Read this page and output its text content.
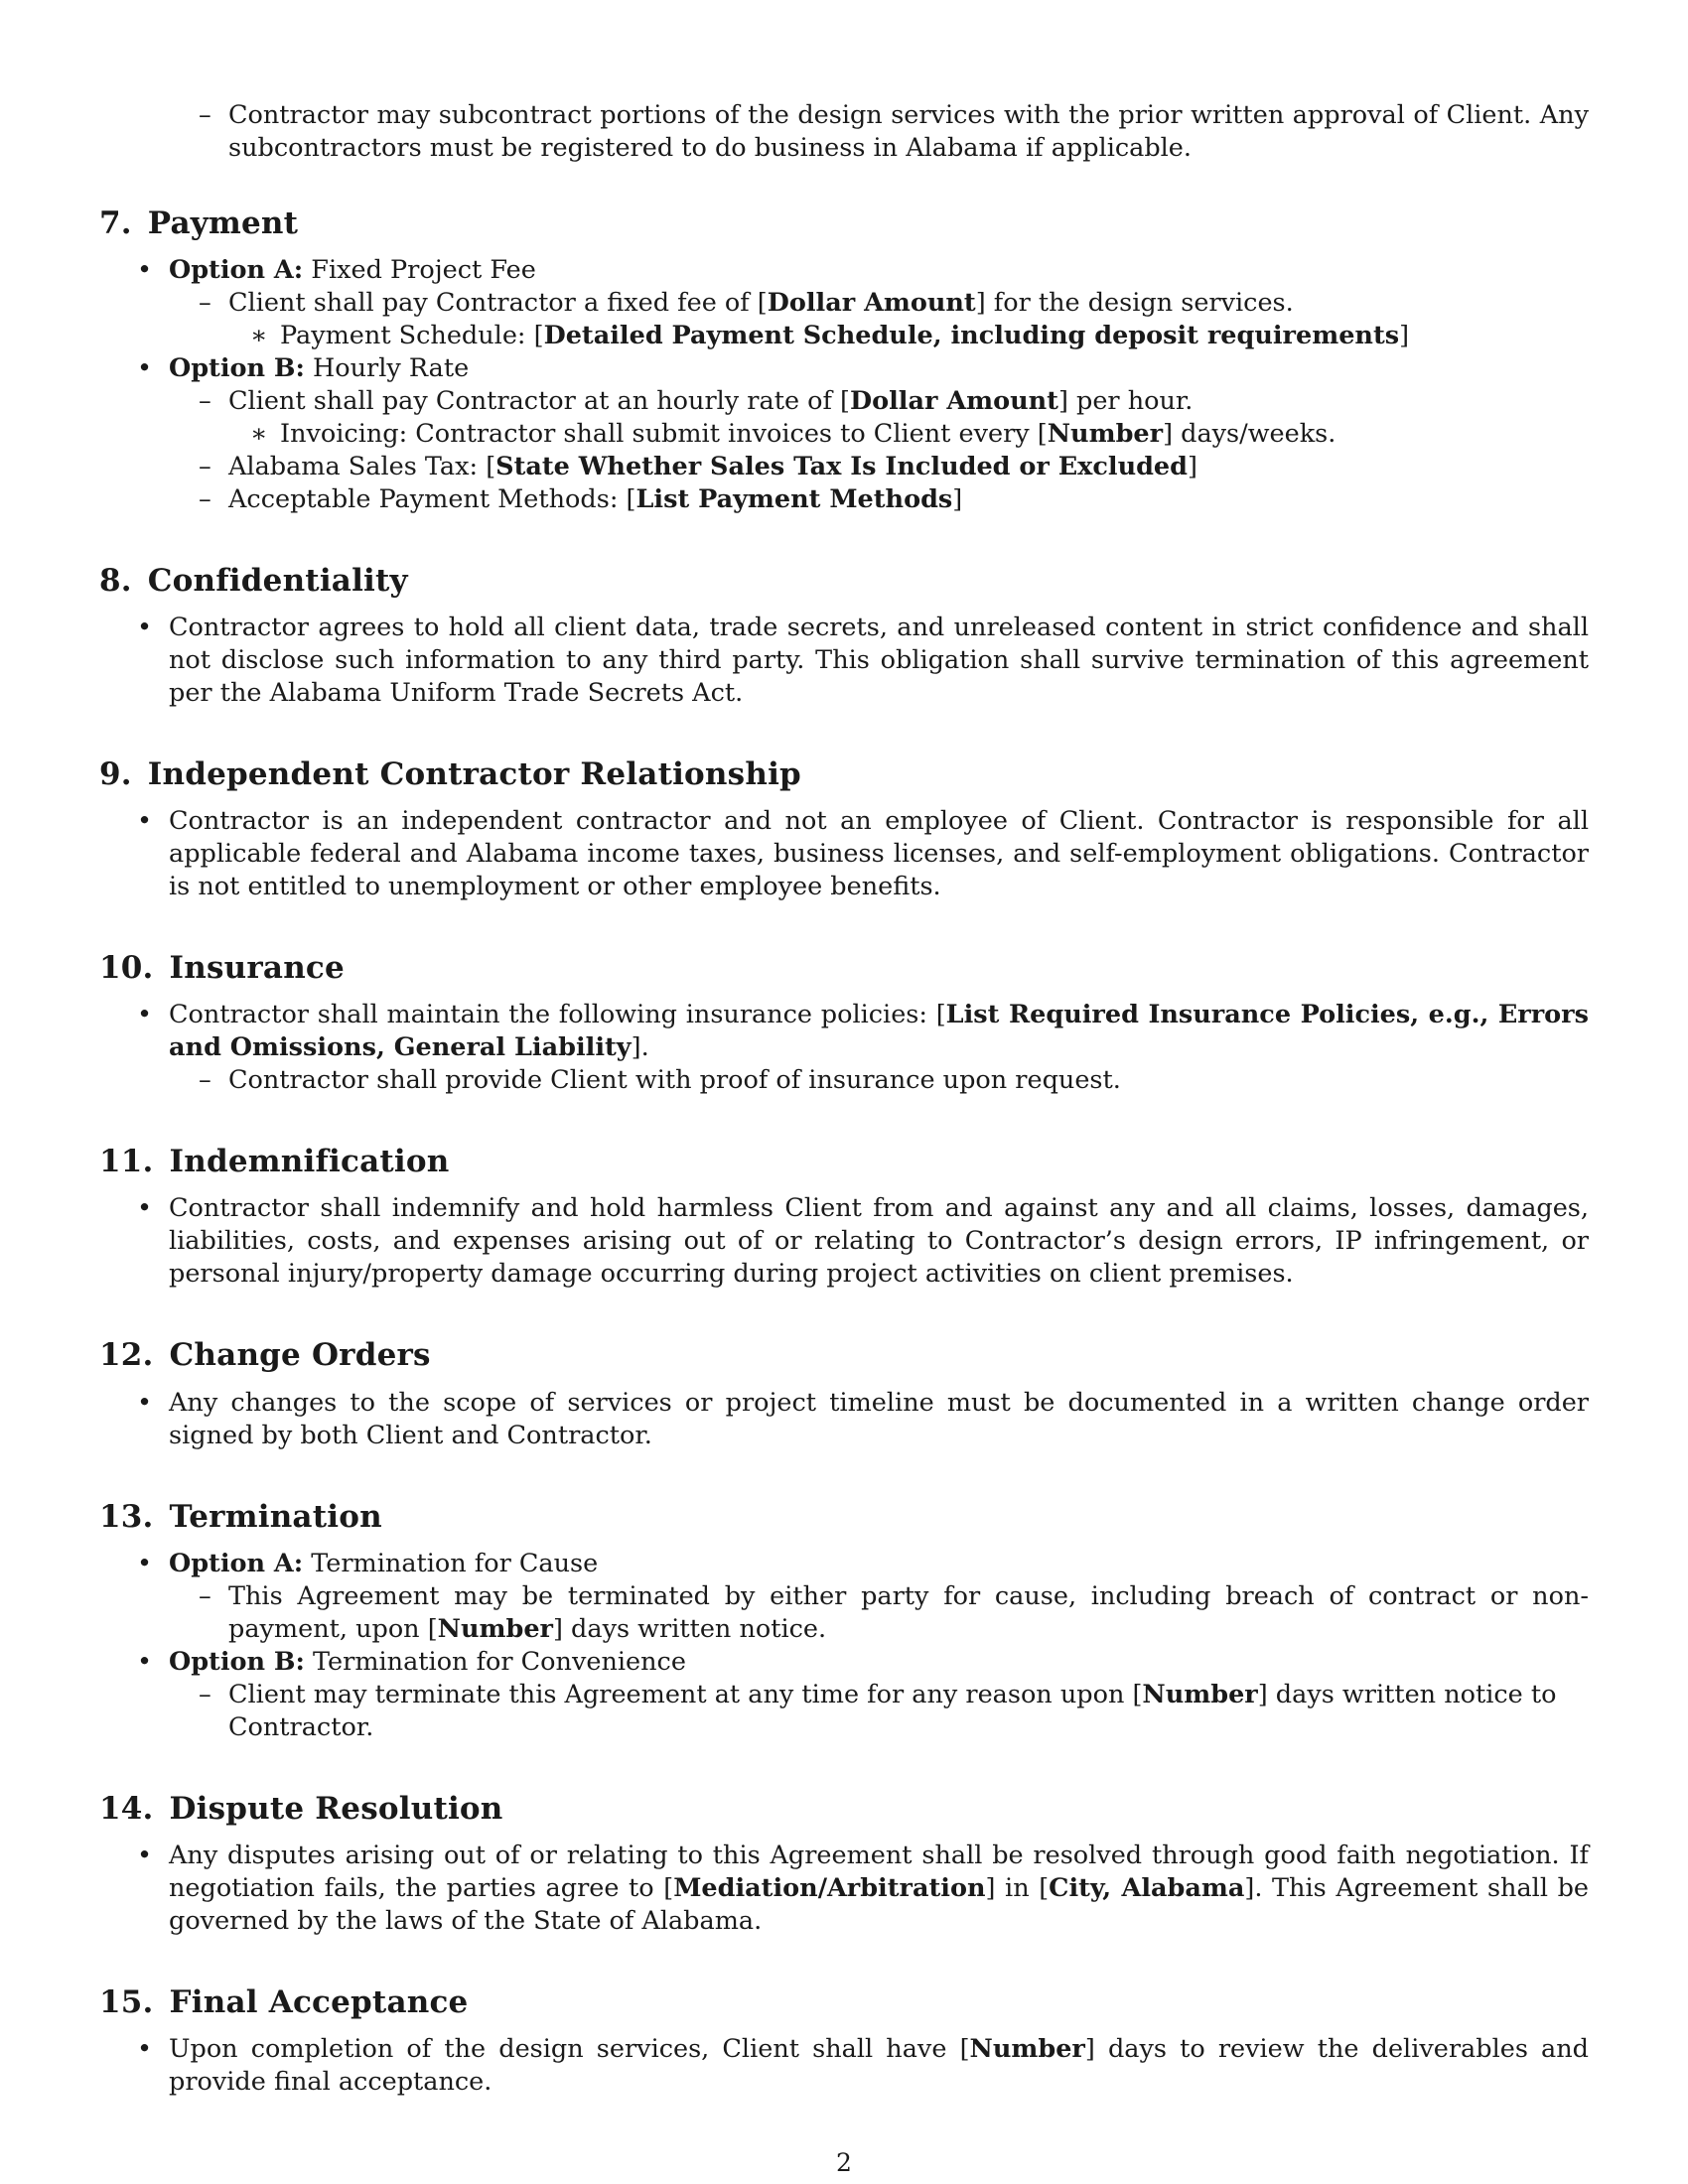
– Contractor may subcontract portions of the design services with the prior written approval of Client. Any subcontractors must be registered to do business in Alabama if applicable.
7. Payment
• Option A: Fixed Project Fee
– Client shall pay Contractor a fixed fee of [Dollar Amount] for the design services.
∗ Payment Schedule: [Detailed Payment Schedule, including deposit requirements]
• Option B: Hourly Rate
– Client shall pay Contractor at an hourly rate of [Dollar Amount] per hour.
∗ Invoicing: Contractor shall submit invoices to Client every [Number] days/weeks.
– Alabama Sales Tax: [State Whether Sales Tax Is Included or Excluded]
– Acceptable Payment Methods: [List Payment Methods]
8. Confidentiality
• Contractor agrees to hold all client data, trade secrets, and unreleased content in strict confidence and shall not disclose such information to any third party. This obligation shall survive termination of this agreement per the Alabama Uniform Trade Secrets Act.
9. Independent Contractor Relationship
• Contractor is an independent contractor and not an employee of Client. Contractor is responsible for all applicable federal and Alabama income taxes, business licenses, and self-employment obligations. Contractor is not entitled to unemployment or other employee benefits.
10. Insurance
• Contractor shall maintain the following insurance policies: [List Required Insurance Policies, e.g., Errors and Omissions, General Liability].
– Contractor shall provide Client with proof of insurance upon request.
11. Indemnification
• Contractor shall indemnify and hold harmless Client from and against any and all claims, losses, damages, liabilities, costs, and expenses arising out of or relating to Contractor’s design errors, IP infringement, or personal injury/property damage occurring during project activities on client premises.
12. Change Orders
• Any changes to the scope of services or project timeline must be documented in a written change order signed by both Client and Contractor.
13. Termination
• Option A: Termination for Cause
– This Agreement may be terminated by either party for cause, including breach of contract or non-payment, upon [Number] days written notice.
• Option B: Termination for Convenience
– Client may terminate this Agreement at any time for any reason upon [Number] days written notice to Contractor.
14. Dispute Resolution
• Any disputes arising out of or relating to this Agreement shall be resolved through good faith negotiation. If negotiation fails, the parties agree to [Mediation/Arbitration] in [City, Alabama]. This Agreement shall be governed by the laws of the State of Alabama.
15. Final Acceptance
• Upon completion of the design services, Client shall have [Number] days to review the deliverables and provide final acceptance.
2
